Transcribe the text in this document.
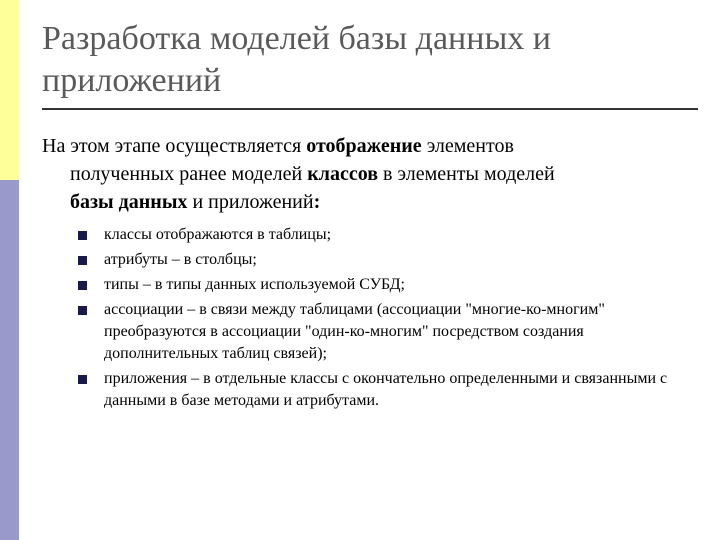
Разработка моделей базы данных и приложений
На этом этапе осуществляется отображение элементов
полученных ранее моделей классов в элементы моделей
базы данных и приложений:
классы отображаются в таблицы;
атрибуты – в столбцы;
типы – в типы данных используемой СУБД;
ассоциации – в связи между таблицами (ассоциации "многие-ко-многим" преобразуются в ассоциации "один-ко-многим" посредством создания дополнительных таблиц связей);
приложения – в отдельные классы с окончательно определенными и связанными с данными в базе методами и атрибутами.
